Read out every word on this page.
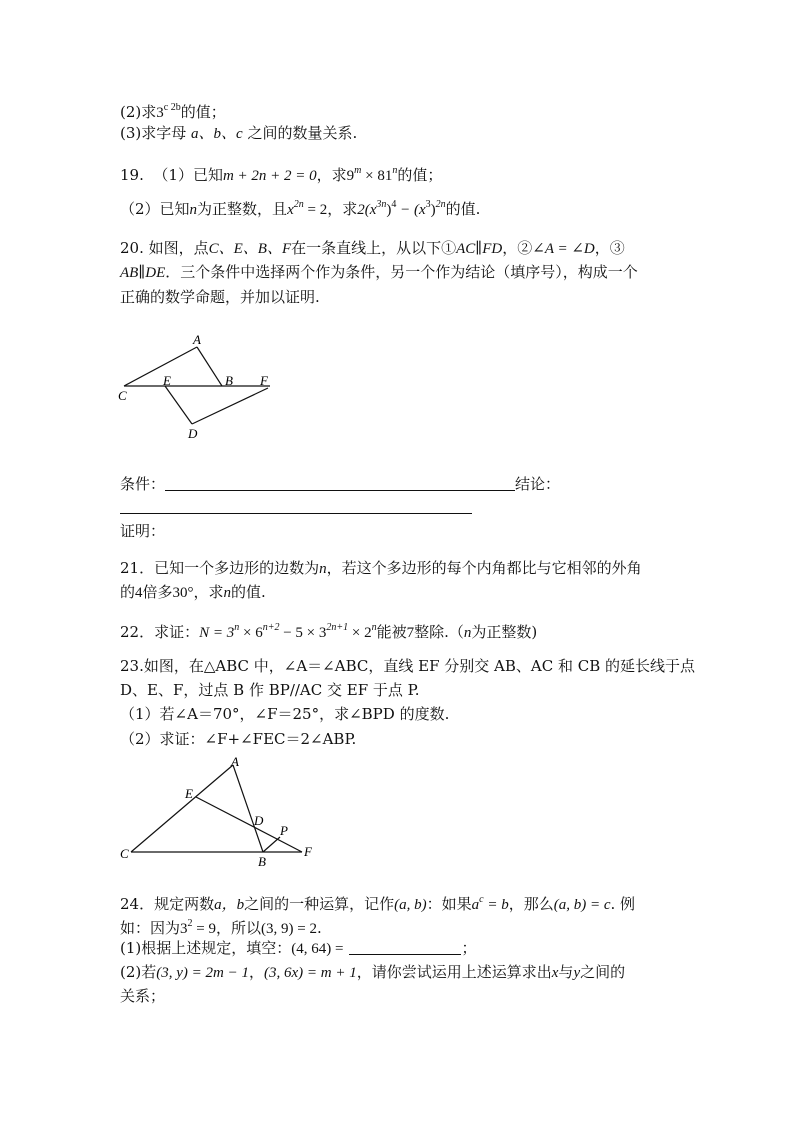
(2)求$3^{c 2b}$的值；
(3)求字母 a、b、c 之间的数量关系.
19. （1）已知m + 2n + 2 = 0，求$9^m \times 81^n$的值；
（2）已知n为正整数，且$x^{2n} = 2$，求$2(x^{3n})^4 - (x^3)^{2n}$的值.
20. 如图，点C、E、B、F在一条直线上，从以下①AC∥FD，②∠A = ∠D，③
AB∥DE．三个条件中选择两个作为条件，另一个作为结论（填序号），构成一个
正确的数学命题，并加以证明.
A
B
C
D
E	F
条件：	结论：
证明：
21．已知一个多边形的边数为n，若这个多边形的每个内角都比与它相邻的外角
的4倍多30°，求n的值.
22．求证：$N = 3^n \times 6^{n+2} - 5 \times 3^{2n+1} \times 2^n$能被7整除.（n为正整数)
23.如图，在△ABC 中，∠A＝∠ABC，直线 EF 分别交 AB、AC 和 CB 的延长线于点
D、E、F，过点 B 作 BP//AC 交 EF 于点 P.
（1）若∠A＝70°，∠F＝25°，求∠BPD 的度数.
（2）求证：∠F+∠FEC＝2∠ABP.
A
E
D
P
C
B
F
24．规定两数a，b之间的一种运算，记作(a, b)：如果$a^c = b$，那么(a, b) = c. 例
如：因为$3^2 = 9$，所以(3, 9) = 2.
(1)根据上述规定，填空：(4, 64) =	；
(2)若(3, y) = 2m − 1，(3, 6x) = m + 1，请你尝试运用上述运算求出x与y之间的
关系；
